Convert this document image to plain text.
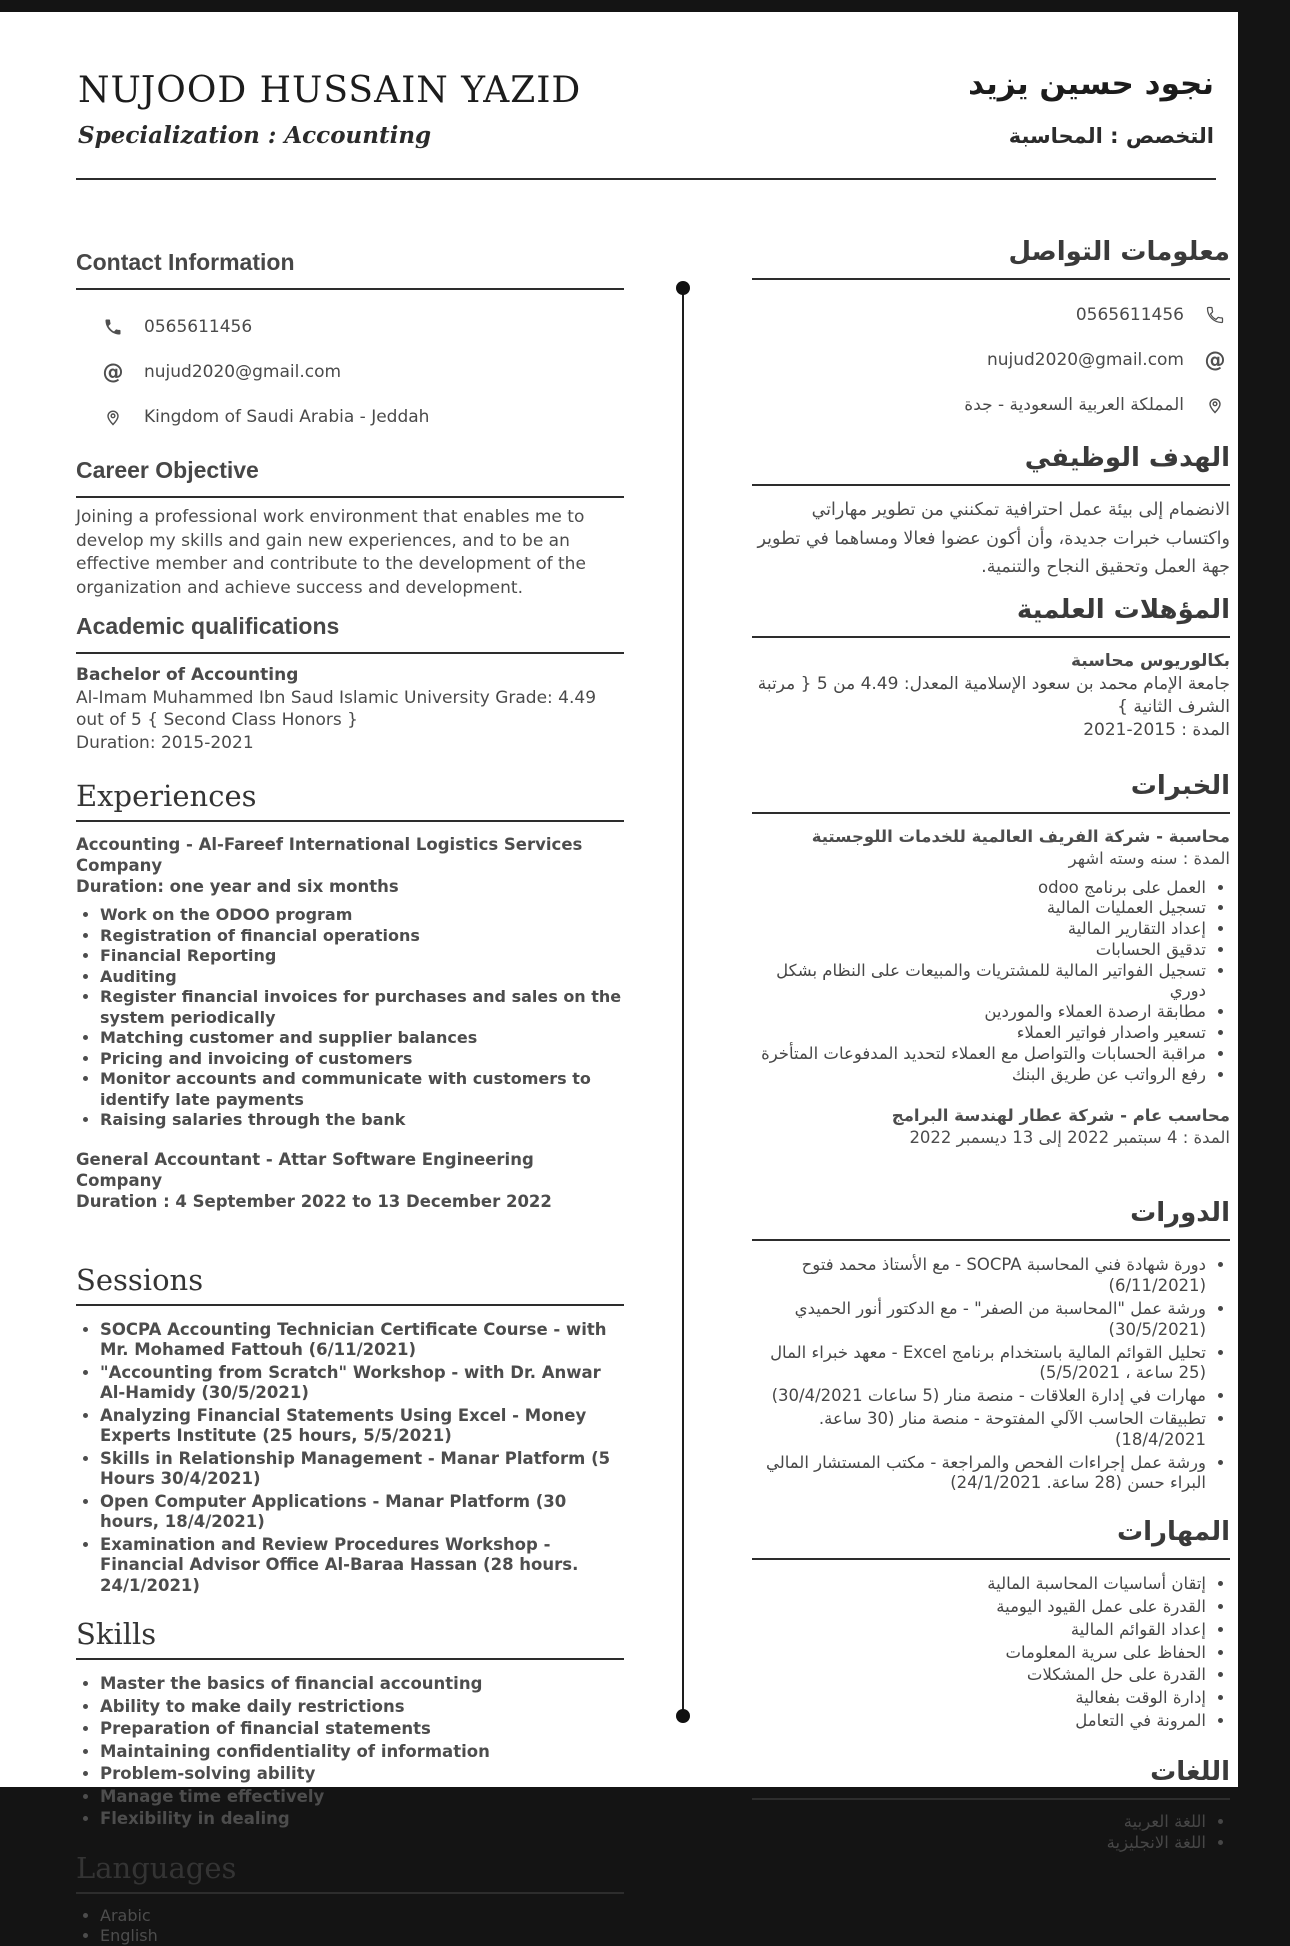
NUJOOD HUSSAIN YAZID
Specialization : Accounting
نجود حسين يزيد
التخصص : المحاسبة
Contact Information
0565611456
@ nujud2020@gmail.com
Kingdom of Saudi Arabia - Jeddah
Career Objective

Joining a professional work environment that enables me to develop my skills and gain new experiences, and to be an effective member and contribute to the development of the organization and achieve success and development.

Academic qualifications
Bachelor of Accounting
Al-Imam Muhammed Ibn Saud Islamic University Grade: 4.49 out of 5 { Second Class Honors }
Duration: 2015-2021
Experiences
Accounting - Al-Fareef International Logistics Services Company
Duration: one year and six months
• Work on the ODOO program
• Registration of financial operations
• Financial Reporting
• Auditing
• Register financial invoices for purchases and sales on the system periodically
• Matching customer and supplier balances
• Pricing and invoicing of customers
• Monitor accounts and communicate with customers to identify late payments
• Raising salaries through the bank
General Accountant - Attar Software Engineering Company
Duration : 4 September 2022 to 13 December 2022
Sessions
• SOCPA Accounting Technician Certificate Course - with Mr. Mohamed Fattouh (6/11/2021)
• "Accounting from Scratch" Workshop - with Dr. Anwar Al-Hamidy (30/5/2021)
• Analyzing Financial Statements Using Excel - Money Experts Institute (25 hours, 5/5/2021)
• Skills in Relationship Management - Manar Platform (5 Hours 30/4/2021)
• Open Computer Applications - Manar Platform (30 hours, 18/4/2021)
• Examination and Review Procedures Workshop - Financial Advisor Office Al-Baraa Hassan (28 hours. 24/1/2021)
Skills
• Master the basics of financial accounting
• Ability to make daily restrictions
• Preparation of financial statements
• Maintaining confidentiality of information
• Problem-solving ability
• Manage time effectively
• Flexibility in dealing
Languages
• Arabic
• English
معلومات التواصل
0565611456
@
nujud2020@gmail.com
المملكة العربية السعودية - جدة
الهدف الوظيفي

الانضمام إلى بيئة عمل احترافية تمكنني من تطوير مهاراتي واكتساب خبرات جديدة، وأن أكون عضوا فعالا ومساهما في تطوير جهة العمل وتحقيق النجاح والتنمية.

المؤهلات العلمية
بكالوريوس محاسبة
جامعة الإمام محمد بن سعود الإسلامية المعدل: 4.49 من 5 { مرتبة الشرف الثانية }
المدة : 2015-2021
الخبرات
محاسبة - شركة الفريف العالمية للخدمات اللوجستية
المدة : سنه وسته اشهر
• العمل على برنامج odoo
• تسجيل العمليات المالية
• إعداد التقارير المالية
• تدقيق الحسابات
• تسجيل الفواتير المالية للمشتريات والمبيعات على النظام بشكل دوري
• مطابقة ارصدة العملاء والموردين
• تسعير واصدار فواتير العملاء
• مراقبة الحسابات والتواصل مع العملاء لتحديد المدفوعات المتأخرة
• رفع الرواتب عن طريق البنك
محاسب عام - شركة عطار لهندسة البرامج
المدة : 4 سبتمبر 2022 إلى 13 ديسمبر 2022
الدورات
• دورة شهادة فني المحاسبة SOCPA - مع الأستاذ محمد فتوح (6/11/2021)
• ورشة عمل "المحاسبة من الصفر" - مع الدكتور أنور الحميدي (30/5/2021)
• تحليل القوائم المالية باستخدام برنامج Excel - معهد خبراء المال (25 ساعة ، 5/5/2021)
• مهارات في إدارة العلاقات - منصة منار (5 ساعات 30/4/2021)
• تطبيقات الحاسب الآلي المفتوحة - منصة منار (30 ساعة. 18/4/2021)
• ورشة عمل إجراءات الفحص والمراجعة - مكتب المستشار المالي البراء حسن (28 ساعة. 24/1/2021)
المهارات
• إتقان أساسيات المحاسبة المالية
• القدرة على عمل القيود اليومية
• إعداد القوائم المالية
• الحفاظ على سرية المعلومات
• القدرة على حل المشكلات
• إدارة الوقت بفعالية
• المرونة في التعامل
اللغات
• اللغة العربية
• اللغة الانجليزية
